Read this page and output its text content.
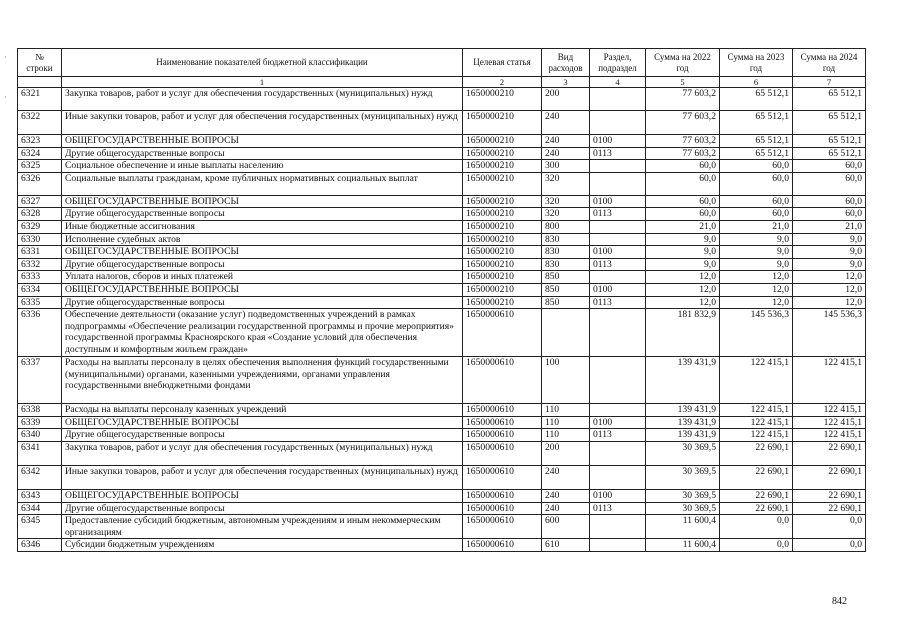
·
·
№ строки	Наименование показателей бюджетной классификации	Целевая статья	Вид расходов	Раздел, подраздел	Сумма на 2022 год	Сумма на 2023 год	Сумма на 2024 год
	1	2	3	4	5	6	7
6321	Закупка товаров, работ и услуг для обеспечения государственных (муниципальных) нужд	1650000210	200		77 603,2	65 512,1	65 512,1
6322	Иные закупки товаров, работ и услуг для обеспечения государственных (муниципальных) нужд	1650000210	240		77 603,2	65 512,1	65 512,1
6323	ОБЩЕГОСУДАРСТВЕННЫЕ ВОПРОСЫ	1650000210	240	0100	77 603,2	65 512,1	65 512,1
6324	Другие общегосударственные вопросы	1650000210	240	0113	77 603,2	65 512,1	65 512,1
6325	Социальное обеспечение и иные выплаты населению	1650000210	300		60,0	60,0	60,0
6326	Социальные выплаты гражданам, кроме публичных нормативных социальных выплат	1650000210	320		60,0	60,0	60,0
6327	ОБЩЕГОСУДАРСТВЕННЫЕ ВОПРОСЫ	1650000210	320	0100	60,0	60,0	60,0
6328	Другие общегосударственные вопросы	1650000210	320	0113	60,0	60,0	60,0
6329	Иные бюджетные ассигнования	1650000210	800		21,0	21,0	21,0
6330	Исполнение судебных актов	1650000210	830		9,0	9,0	9,0
6331	ОБЩЕГОСУДАРСТВЕННЫЕ ВОПРОСЫ	1650000210	830	0100	9,0	9,0	9,0
6332	Другие общегосударственные вопросы	1650000210	830	0113	9,0	9,0	9,0
6333	Уплата налогов, сборов и иных платежей	1650000210	850		12,0	12,0	12,0
6334	ОБЩЕГОСУДАРСТВЕННЫЕ ВОПРОСЫ	1650000210	850	0100	12,0	12,0	12,0
6335	Другие общегосударственные вопросы	1650000210	850	0113	12,0	12,0	12,0
6336	Обеспечение деятельности (оказание услуг) подведомственных учреждений в рамках подпрограммы «Обеспечение реализации государственной программы и прочие мероприятия» государственной программы Красноярского края «Создание условий для обеспечения доступным и комфортным жильем граждан»	1650000610			181 832,9	145 536,3	145 536,3
6337	Расходы на выплаты персоналу в целях обеспечения выполнения функций государственными (муниципальными) органами, казенными учреждениями, органами управления государственными внебюджетными фондами	1650000610	100		139 431,9	122 415,1	122 415,1
6338	Расходы на выплаты персоналу казенных учреждений	1650000610	110		139 431,9	122 415,1	122 415,1
6339	ОБЩЕГОСУДАРСТВЕННЫЕ ВОПРОСЫ	1650000610	110	0100	139 431,9	122 415,1	122 415,1
6340	Другие общегосударственные вопросы	1650000610	110	0113	139 431,9	122 415,1	122 415,1
6341	Закупка товаров, работ и услуг для обеспечения государственных (муниципальных) нужд	1650000610	200		30 369,5	22 690,1	22 690,1
6342	Иные закупки товаров, работ и услуг для обеспечения государственных (муниципальных) нужд	1650000610	240		30 369,5	22 690,1	22 690,1
6343	ОБЩЕГОСУДАРСТВЕННЫЕ ВОПРОСЫ	1650000610	240	0100	30 369,5	22 690,1	22 690,1
6344	Другие общегосударственные вопросы	1650000610	240	0113	30 369,5	22 690,1	22 690,1
6345	Предоставление субсидий бюджетным, автономным учреждениям и иным некоммерческим организациям	1650000610	600		11 600,4	0,0	0,0
6346	Субсидии бюджетным учреждениям	1650000610	610		11 600,4	0,0	0,0
842
